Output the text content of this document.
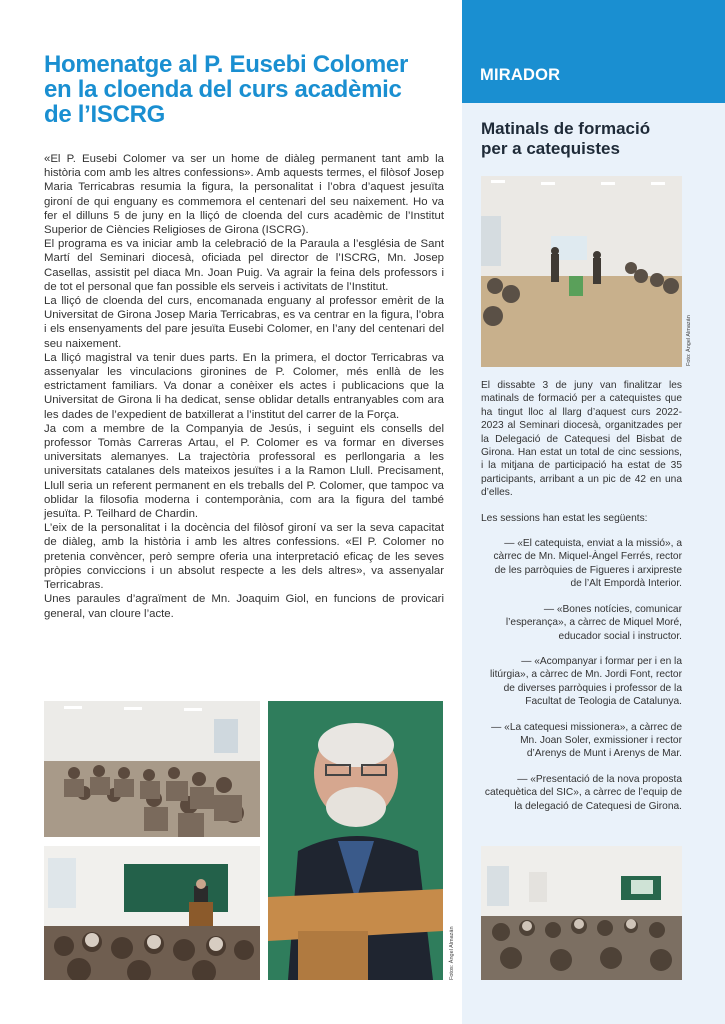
MIRADOR
Homenatge al P. Eusebi Colomer
en la cloenda del curs acadèmic
de l’ISCRG

«El P. Eusebi Colomer va ser un home de diàleg permanent tant amb la història com amb les altres confessions». Amb aquests termes, el filòsof Josep Maria Terricabras resumia la figura, la personalitat i l’obra d’aquest jesuïta gironí de qui enguany es commemora el centenari del seu naixement. Ho va fer el dilluns 5 de juny en la lliçó de cloenda del curs acadèmic de l’Institut Superior de Ciències Religioses de Girona (ISCRG).

El programa es va iniciar amb la celebració de la Paraula a l’església de Sant Martí del Seminari diocesà, oficiada pel director de l’ISCRG, Mn. Josep Casellas, assistit pel diaca Mn. Joan Puig. Va agrair la feina dels professors i de tot el personal que fan possible els serveis i activitats de l’Institut.

La lliçó de cloenda del curs, encomanada enguany al professor emèrit de la Universitat de Girona Josep Maria Terricabras, es va centrar en la figura, l’obra i els ensenyaments del pare jesuïta Eusebi Colomer, en l’any del centenari del seu naixement.

La lliçó magistral va tenir dues parts. En la primera, el doctor Terricabras va assenyalar les vinculacions gironines de P. Colomer, més enllà de les estrictament familiars. Va donar a conèixer els actes i publicacions que la Universitat de Girona li ha dedicat, sense oblidar detalls entranyables com ara les dades de l’expedient de batxillerat a l’institut del carrer de la Força.

Ja com a membre de la Companyia de Jesús, i seguint els consells del professor Tomàs Carreras Artau, el P. Colomer es va formar en diverses universitats alemanyes. La trajectòria professoral es perllongaria a les universitats catalanes dels mateixos jesuïtes i a la Ramon Llull. Precisament, Llull seria un referent permanent en els treballs del P. Colomer, que tampoc va oblidar la filosofia moderna i contemporània, com ara la figura del també jesuïta. P. Teilhard de Chardin.

L’eix de la personalitat i la docència del filòsof gironí va ser la seva capacitat de diàleg, amb la història i amb les altres confessions. «El P. Colomer no pretenia convèncer, però sempre oferia una interpretació eficaç de les seves pròpies conviccions i un absolut respecte a les dels altres», va assenyalar Terricabras.

Unes paraules d’agraïment de Mn. Joaquim Giol, en funcions de provicari general, van cloure l’acte.

Fotos: Àngel Almazán
Matinals de formació
per a catequistes
Foto: Àngel Almazán

El dissabte 3 de juny van finalitzar les matinals de formació per a catequistes que ha tingut lloc al llarg d’aquest curs 2022-2023 al Seminari diocesà, organitzades per la Delegació de Catequesi del Bisbat de Girona. Han estat un total de cinc sessions, i la mitjana de participació ha estat de 35 participants, arribant a un pic de 42 en una d’elles.

Les sessions han estat les següents:

— «El catequista, enviat a la missió», a càrrec de Mn. Miquel-Àngel Ferrés, rector de les parròquies de Figueres i arxipreste de l’Alt Empordà Interior.

— «Bones notícies, comunicar l’esperança», a càrrec de Miquel Moré, educador social i instructor.

— «Acompanyar i formar per i en la litúrgia», a càrrec de Mn. Jordi Font, rector de diverses parròquies i professor de la Facultat de Teologia de Catalunya.

— «La catequesi missionera», a càrrec de Mn. Joan Soler, exmissioner i rector d’Arenys de Munt i Arenys de Mar.

— «Presentació de la nova proposta catequètica del SIC», a càrrec de l’equip de la delegació de Catequesi de Girona.
